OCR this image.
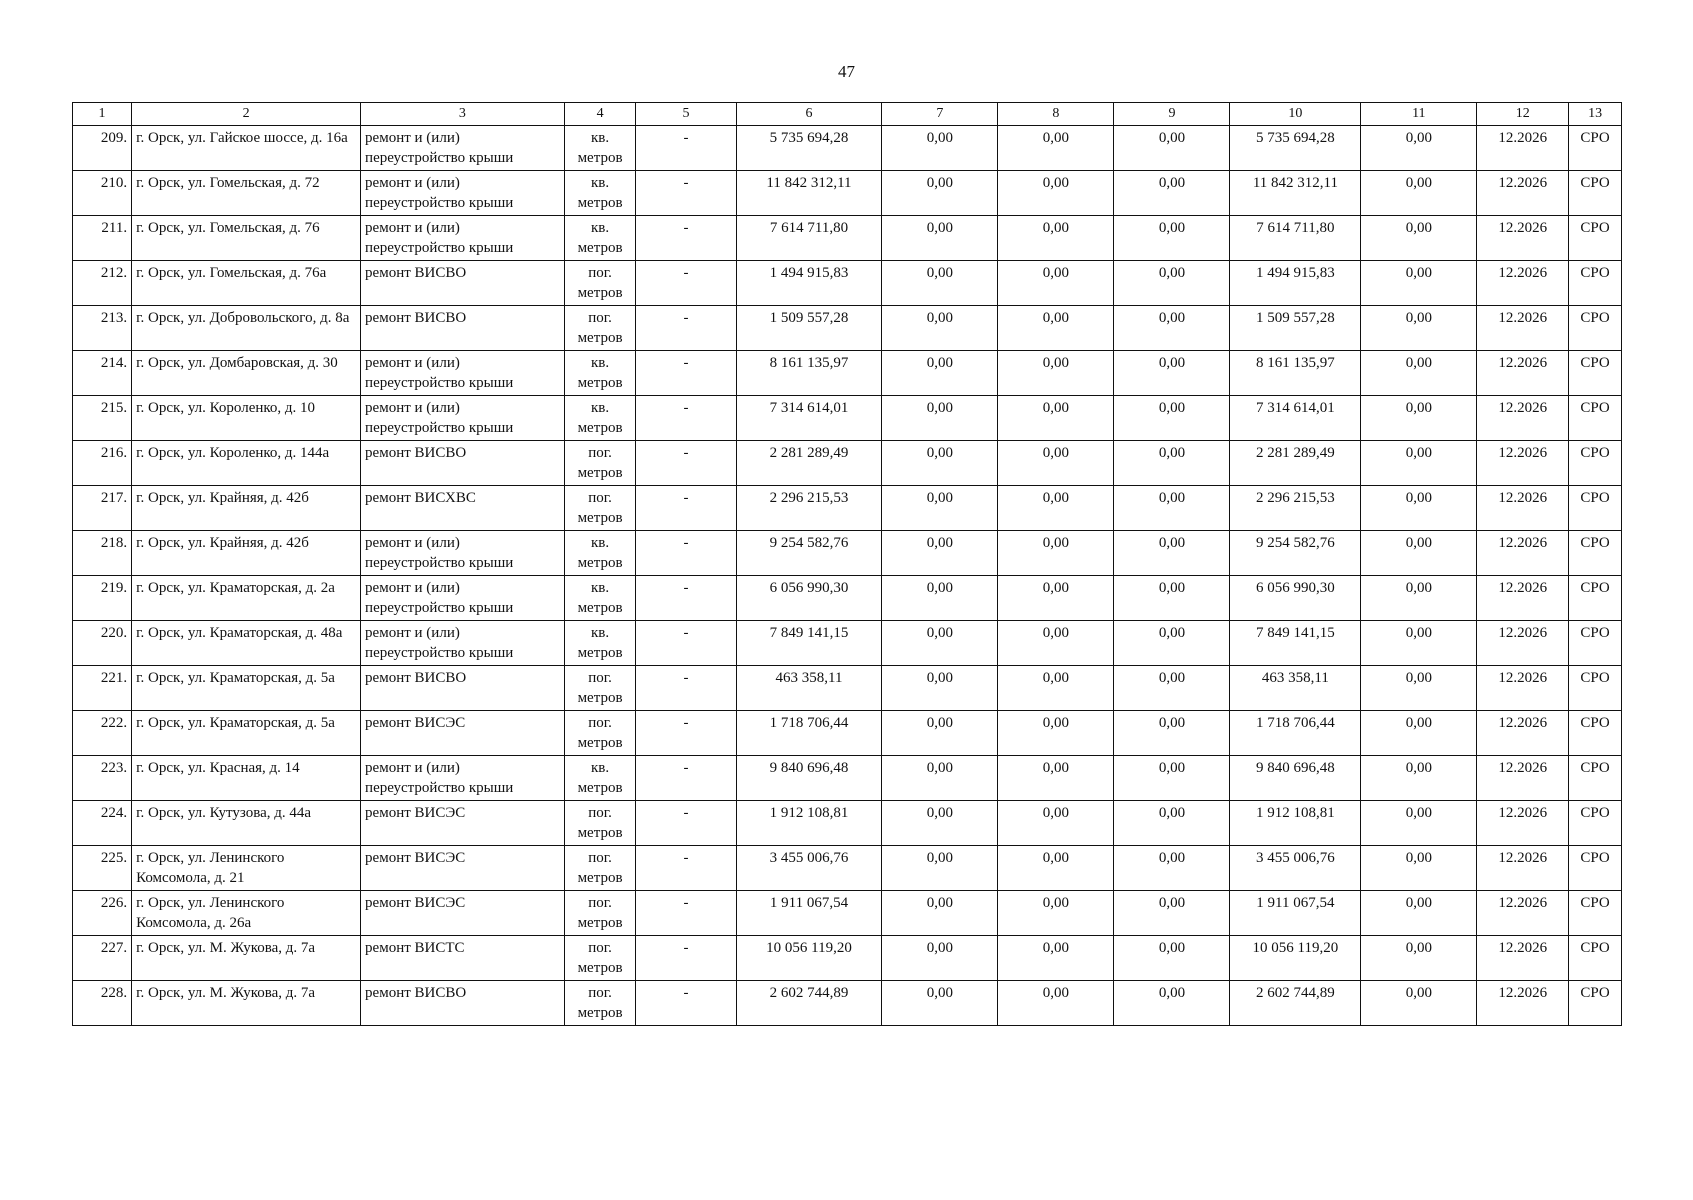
47
1	2	3	4	5	6	7	8	9	10	11	12	13
209.	г. Орск, ул. Гайское шоссе, д. 16а	ремонт и (или) переустройство крыши	кв. метров	-	5 735 694,28	0,00	0,00	0,00	5 735 694,28	0,00	12.2026	СРО
210.	г. Орск, ул. Гомельская, д. 72	ремонт и (или) переустройство крыши	кв. метров	-	11 842 312,11	0,00	0,00	0,00	11 842 312,11	0,00	12.2026	СРО
211.	г. Орск, ул. Гомельская, д. 76	ремонт и (или) переустройство крыши	кв. метров	-	7 614 711,80	0,00	0,00	0,00	7 614 711,80	0,00	12.2026	СРО
212.	г. Орск, ул. Гомельская, д. 76а	ремонт ВИСВО	пог. метров	-	1 494 915,83	0,00	0,00	0,00	1 494 915,83	0,00	12.2026	СРО
213.	г. Орск, ул. Добровольского, д. 8а	ремонт ВИСВО	пог. метров	-	1 509 557,28	0,00	0,00	0,00	1 509 557,28	0,00	12.2026	СРО
214.	г. Орск, ул. Домбаровская, д. 30	ремонт и (или) переустройство крыши	кв. метров	-	8 161 135,97	0,00	0,00	0,00	8 161 135,97	0,00	12.2026	СРО
215.	г. Орск, ул. Короленко, д. 10	ремонт и (или) переустройство крыши	кв. метров	-	7 314 614,01	0,00	0,00	0,00	7 314 614,01	0,00	12.2026	СРО
216.	г. Орск, ул. Короленко, д. 144а	ремонт ВИСВО	пог. метров	-	2 281 289,49	0,00	0,00	0,00	2 281 289,49	0,00	12.2026	СРО
217.	г. Орск, ул. Крайняя, д. 42б	ремонт ВИСХВС	пог. метров	-	2 296 215,53	0,00	0,00	0,00	2 296 215,53	0,00	12.2026	СРО
218.	г. Орск, ул. Крайняя, д. 42б	ремонт и (или) переустройство крыши	кв. метров	-	9 254 582,76	0,00	0,00	0,00	9 254 582,76	0,00	12.2026	СРО
219.	г. Орск, ул. Краматорская, д. 2а	ремонт и (или) переустройство крыши	кв. метров	-	6 056 990,30	0,00	0,00	0,00	6 056 990,30	0,00	12.2026	СРО
220.	г. Орск, ул. Краматорская, д. 48а	ремонт и (или) переустройство крыши	кв. метров	-	7 849 141,15	0,00	0,00	0,00	7 849 141,15	0,00	12.2026	СРО
221.	г. Орск, ул. Краматорская, д. 5а	ремонт ВИСВО	пог. метров	-	463 358,11	0,00	0,00	0,00	463 358,11	0,00	12.2026	СРО
222.	г. Орск, ул. Краматорская, д. 5а	ремонт ВИСЭС	пог. метров	-	1 718 706,44	0,00	0,00	0,00	1 718 706,44	0,00	12.2026	СРО
223.	г. Орск, ул. Красная, д. 14	ремонт и (или) переустройство крыши	кв. метров	-	9 840 696,48	0,00	0,00	0,00	9 840 696,48	0,00	12.2026	СРО
224.	г. Орск, ул. Кутузова, д. 44а	ремонт ВИСЭС	пог. метров	-	1 912 108,81	0,00	0,00	0,00	1 912 108,81	0,00	12.2026	СРО
225.	г. Орск, ул. Ленинского Комсомола, д. 21	ремонт ВИСЭС	пог. метров	-	3 455 006,76	0,00	0,00	0,00	3 455 006,76	0,00	12.2026	СРО
226.	г. Орск, ул. Ленинского Комсомола, д. 26а	ремонт ВИСЭС	пог. метров	-	1 911 067,54	0,00	0,00	0,00	1 911 067,54	0,00	12.2026	СРО
227.	г. Орск, ул. М. Жукова, д. 7а	ремонт ВИСТС	пог. метров	-	10 056 119,20	0,00	0,00	0,00	10 056 119,20	0,00	12.2026	СРО
228.	г. Орск, ул. М. Жукова, д. 7а	ремонт ВИСВО	пог. метров	-	2 602 744,89	0,00	0,00	0,00	2 602 744,89	0,00	12.2026	СРО
